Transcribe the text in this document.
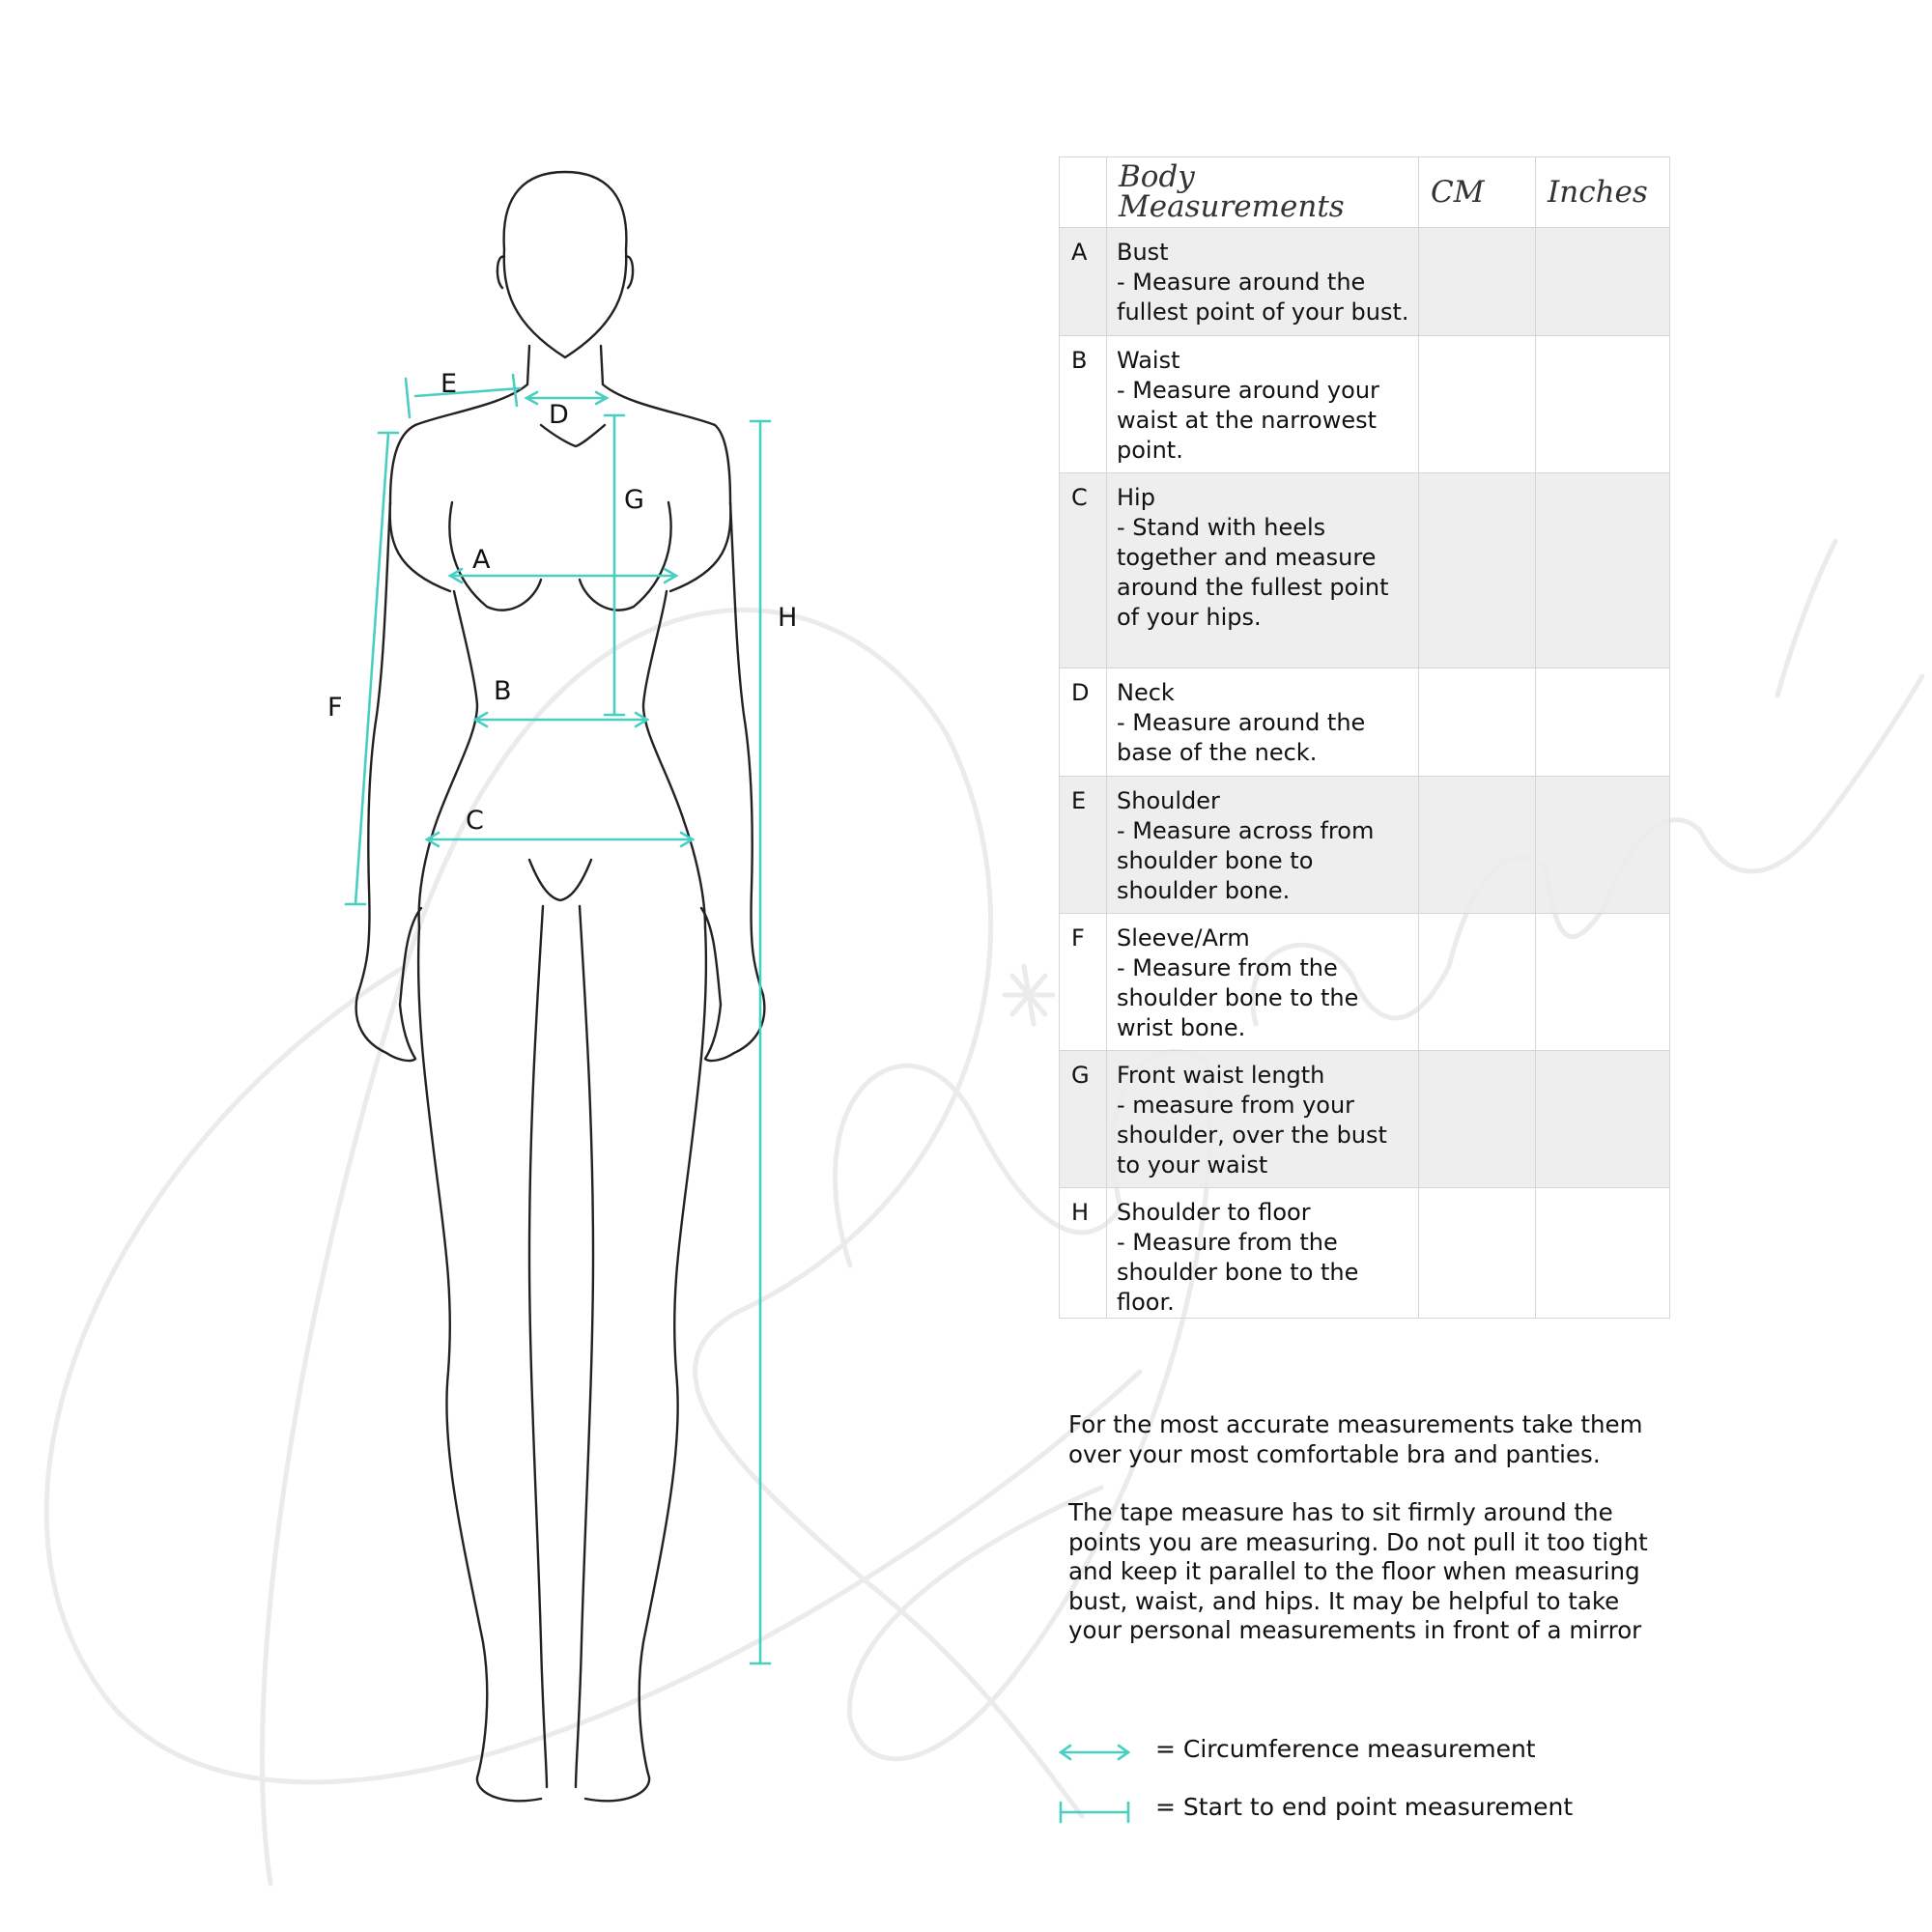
E
D
G
A
H
B
F
C
	Body Measurements	CM	Inches
A	Bust
- Measure around the fullest point of your bust.		

B	Waist
- Measure around your waist at the narrowest point.		

C	Hip
- Stand with heels together and measure around the fullest point of your hips.		

D	Neck
- Measure around the base of the neck.		

E	Shoulder
- Measure across from shoulder bone to shoulder bone.		

F	Sleeve/Arm
- Measure from the shoulder bone to the wrist bone.		

G	Front waist length
- measure from your shoulder, over the bust to your waist		

H	Shoulder to floor
- Measure from the shoulder bone to the floor.		

For the most accurate measurements take them over your most comfortable bra and panties.

The tape measure has to sit firmly around the points you are measuring. Do not pull it too tight and keep it parallel to the floor when measuring bust, waist, and hips. It may be helpful to take your personal measurements in front of a mirror

= Circumference measurement
= Start to end point measurement
